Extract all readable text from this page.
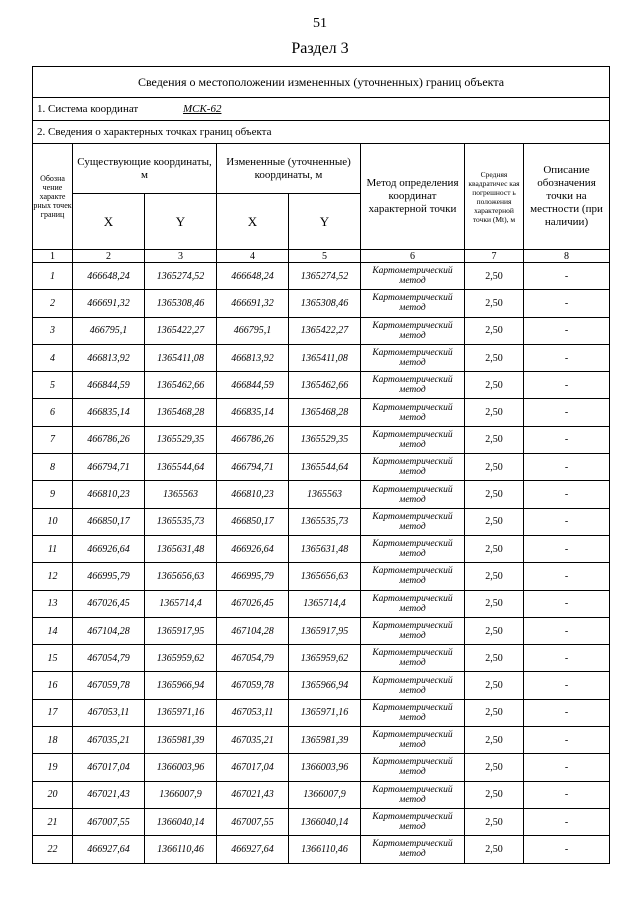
51
Раздел 3
Сведения о местоположении измененных (уточненных) границ объекта							
1. Система координат МСК-62							
2. Сведения о характерных точках границ объекта							
Обозна чение характе рных точек границ	Существующие координаты, м		Измененные (уточненные) координаты, м		Метод определения координат характерной точки	Средняя квадратичес кая погрешност ь положения характерной точки (Mt), м	Описание обозначения точки на местности (при наличии)
	X	Y	X	Y			
1	2	3	4	5	6	7	8
1	466648,24	1365274,52	466648,24	1365274,52	Картометрический метод	2,50	-
2	466691,32	1365308,46	466691,32	1365308,46	Картометрический метод	2,50	-
3	466795,1	1365422,27	466795,1	1365422,27	Картометрический метод	2,50	-
4	466813,92	1365411,08	466813,92	1365411,08	Картометрический метод	2,50	-
5	466844,59	1365462,66	466844,59	1365462,66	Картометрический метод	2,50	-
6	466835,14	1365468,28	466835,14	1365468,28	Картометрический метод	2,50	-
7	466786,26	1365529,35	466786,26	1365529,35	Картометрический метод	2,50	-
8	466794,71	1365544,64	466794,71	1365544,64	Картометрический метод	2,50	-
9	466810,23	1365563	466810,23	1365563	Картометрический метод	2,50	-
10	466850,17	1365535,73	466850,17	1365535,73	Картометрический метод	2,50	-
11	466926,64	1365631,48	466926,64	1365631,48	Картометрический метод	2,50	-
12	466995,79	1365656,63	466995,79	1365656,63	Картометрический метод	2,50	-
13	467026,45	1365714,4	467026,45	1365714,4	Картометрический метод	2,50	-
14	467104,28	1365917,95	467104,28	1365917,95	Картометрический метод	2,50	-
15	467054,79	1365959,62	467054,79	1365959,62	Картометрический метод	2,50	-
16	467059,78	1365966,94	467059,78	1365966,94	Картометрический метод	2,50	-
17	467053,11	1365971,16	467053,11	1365971,16	Картометрический метод	2,50	-
18	467035,21	1365981,39	467035,21	1365981,39	Картометрический метод	2,50	-
19	467017,04	1366003,96	467017,04	1366003,96	Картометрический метод	2,50	-
20	467021,43	1366007,9	467021,43	1366007,9	Картометрический метод	2,50	-
21	467007,55	1366040,14	467007,55	1366040,14	Картометрический метод	2,50	-
22	466927,64	1366110,46	466927,64	1366110,46	Картометрический метод	2,50	-
